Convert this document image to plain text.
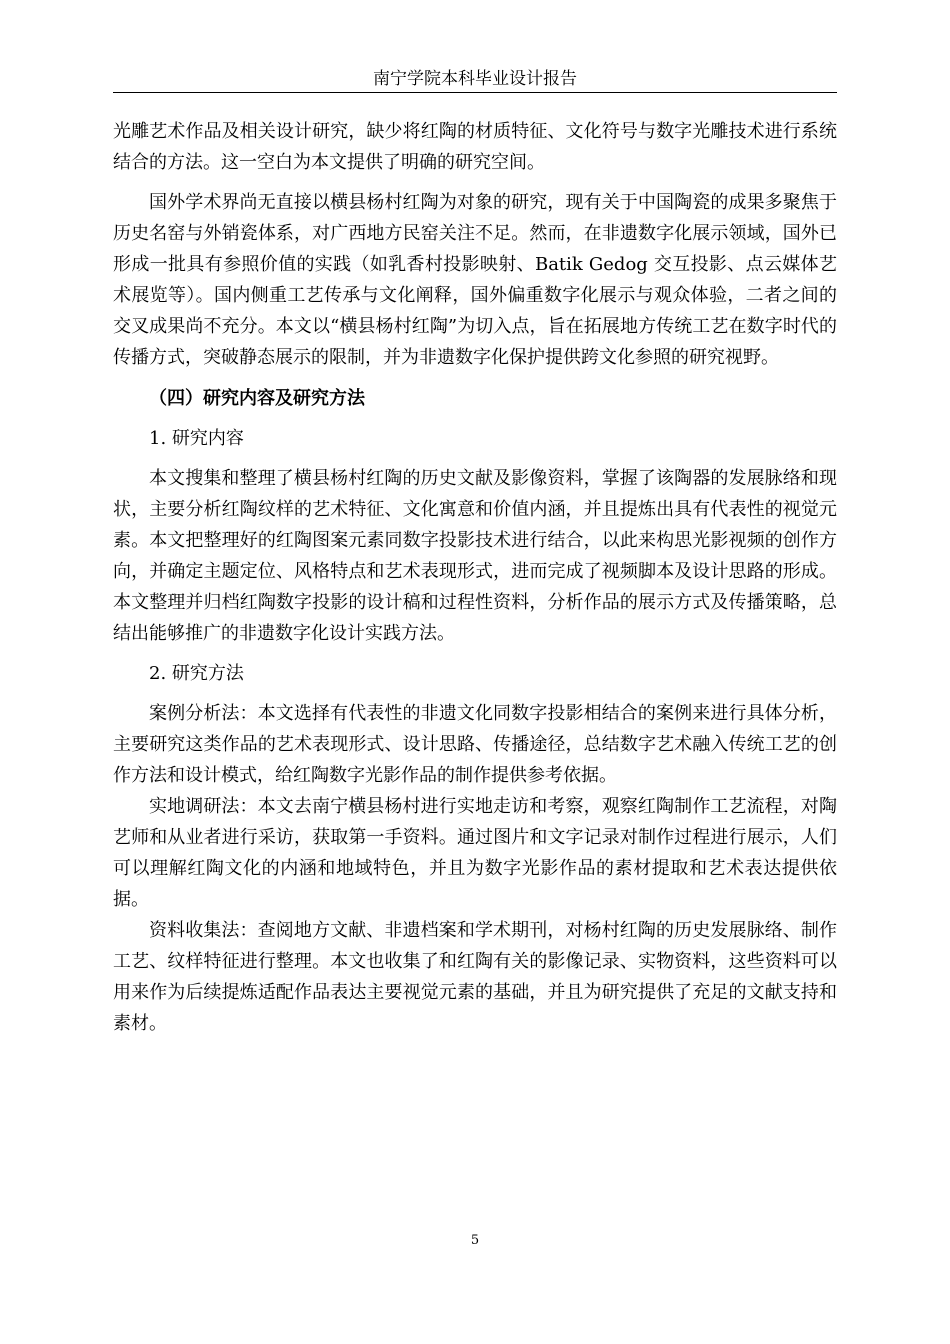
南宁学院本科毕业设计报告

光雕艺术作品及相关设计研究，缺少将红陶的材质特征、文化符号与数字光雕技术进行系统结合的方法。这一空白为本文提供了明确的研究空间。

国外学术界尚无直接以横县杨村红陶为对象的研究，现有关于中国陶瓷的成果多聚焦于历史名窑与外销瓷体系，对广西地方民窑关注不足。然而，在非遗数字化展示领域，国外已形成一批具有参照价值的实践（如乳香村投影映射、Batik Gedog 交互投影、点云媒体艺术展览等）。国内侧重工艺传承与文化阐释，国外偏重数字化展示与观众体验，二者之间的交叉成果尚不充分。本文以“横县杨村红陶”为切入点，旨在拓展地方传统工艺在数字时代的传播方式，突破静态展示的限制，并为非遗数字化保护提供跨文化参照的研究视野。

（四）研究内容及研究方法

1. 研究内容

本文搜集和整理了横县杨村红陶的历史文献及影像资料，掌握了该陶器的发展脉络和现状，主要分析红陶纹样的艺术特征、文化寓意和价值内涵，并且提炼出具有代表性的视觉元素。本文把整理好的红陶图案元素同数字投影技术进行结合，以此来构思光影视频的创作方向，并确定主题定位、风格特点和艺术表现形式，进而完成了视频脚本及设计思路的形成。本文整理并归档红陶数字投影的设计稿和过程性资料，分析作品的展示方式及传播策略，总结出能够推广的非遗数字化设计实践方法。

2. 研究方法

案例分析法：本文选择有代表性的非遗文化同数字投影相结合的案例来进行具体分析，主要研究这类作品的艺术表现形式、设计思路、传播途径，总结数字艺术融入传统工艺的创作方法和设计模式，给红陶数字光影作品的制作提供参考依据。

实地调研法：本文去南宁横县杨村进行实地走访和考察，观察红陶制作工艺流程，对陶艺师和从业者进行采访，获取第一手资料。通过图片和文字记录对制作过程进行展示，人们可以理解红陶文化的内涵和地域特色，并且为数字光影作品的素材提取和艺术表达提供依据。

资料收集法：查阅地方文献、非遗档案和学术期刊，对杨村红陶的历史发展脉络、制作工艺、纹样特征进行整理。本文也收集了和红陶有关的影像记录、实物资料，这些资料可以用来作为后续提炼适配作品表达主要视觉元素的基础，并且为研究提供了充足的文献支持和素材。

5
